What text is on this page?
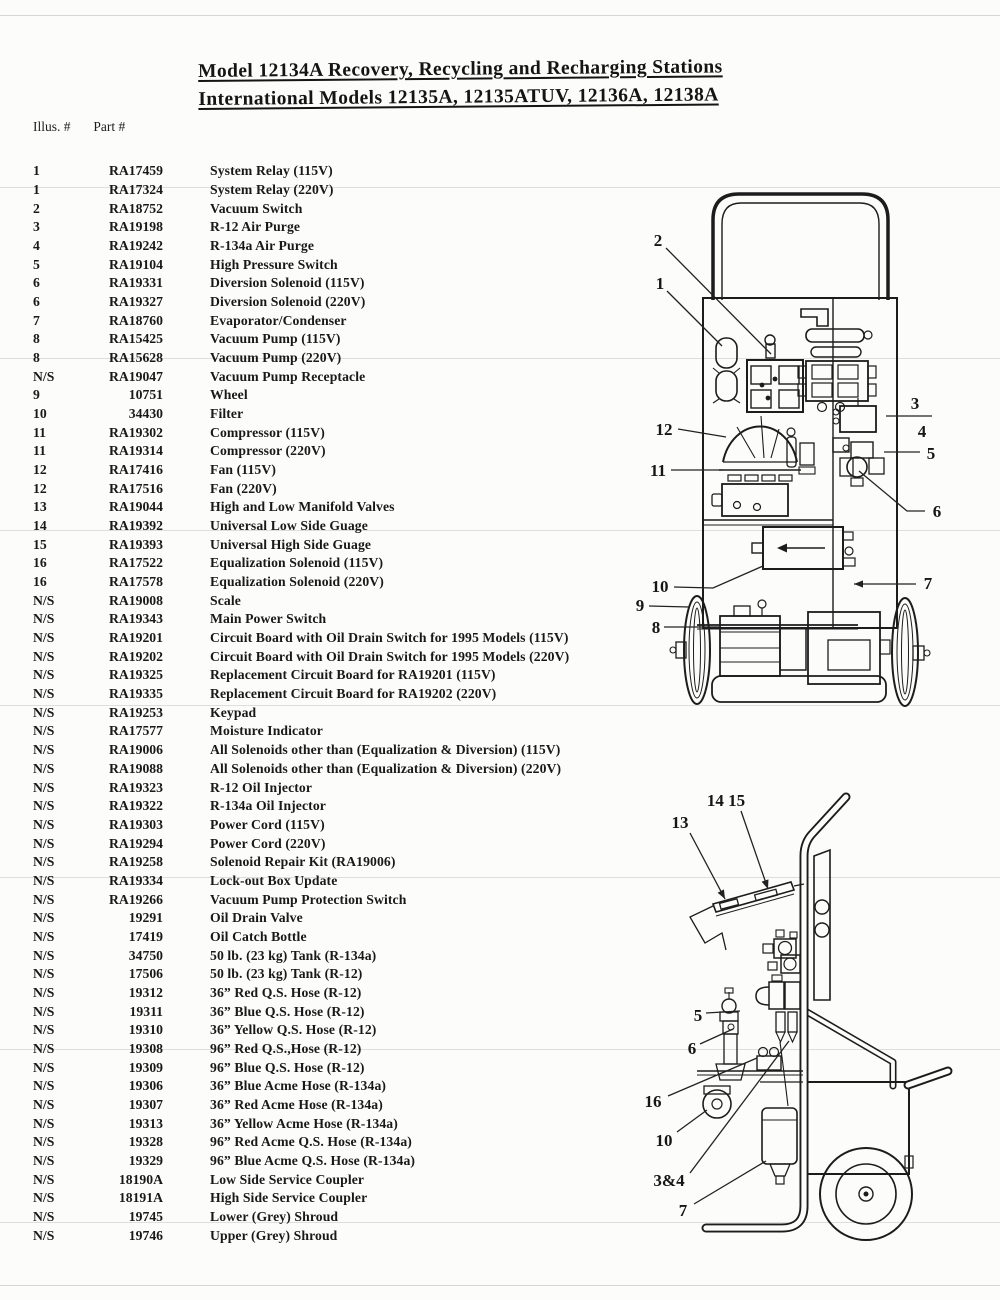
Model 12134A Recovery, Recycling and Recharging Stations
International Models 12135A, 12135ATUV, 12136A, 12138A
Illus. # Part #
1	RA17459	System Relay (115V)
1	RA17324	System Relay (220V)
2	RA18752	Vacuum Switch
3	RA19198	R-12 Air Purge
4	RA19242	R-134a Air Purge
5	RA19104	High Pressure Switch
6	RA19331	Diversion Solenoid (115V)
6	RA19327	Diversion Solenoid (220V)
7	RA18760	Evaporator/Condenser
8	RA15425	Vacuum Pump (115V)
8	RA15628	Vacuum Pump (220V)
N/S	RA19047	Vacuum Pump Receptacle
9	10751	Wheel
10	34430	Filter
11	RA19302	Compressor (115V)
11	RA19314	Compressor (220V)
12	RA17416	Fan (115V)
12	RA17516	Fan (220V)
13	RA19044	High and Low Manifold Valves
14	RA19392	Universal Low Side Guage
15	RA19393	Universal High Side Guage
16	RA17522	Equalization Solenoid (115V)
16	RA17578	Equalization Solenoid (220V)
N/S	RA19008	Scale
N/S	RA19343	Main Power Switch
N/S	RA19201	Circuit Board with Oil Drain Switch for 1995 Models (115V)
N/S	RA19202	Circuit Board with Oil Drain Switch for 1995 Models (220V)
N/S	RA19325	Replacement Circuit Board for RA19201 (115V)
N/S	RA19335	Replacement Circuit Board for RA19202 (220V)
N/S	RA19253	Keypad
N/S	RA17577	Moisture Indicator
N/S	RA19006	All Solenoids other than (Equalization & Diversion) (115V)
N/S	RA19088	All Solenoids other than (Equalization & Diversion) (220V)
N/S	RA19323	R-12 Oil Injector
N/S	RA19322	R-134a Oil Injector
N/S	RA19303	Power Cord (115V)
N/S	RA19294	Power Cord (220V)
N/S	RA19258	Solenoid Repair Kit (RA19006)
N/S	RA19334	Lock-out Box Update
N/S	RA19266	Vacuum Pump Protection Switch
N/S	19291	Oil Drain Valve
N/S	17419	Oil Catch Bottle
N/S	34750	50 lb. (23 kg) Tank (R-134a)
N/S	17506	50 lb. (23 kg) Tank (R-12)
N/S	19312	36” Red Q.S. Hose (R-12)
N/S	19311	36” Blue Q.S. Hose (R-12)
N/S	19310	36” Yellow Q.S. Hose (R-12)
N/S	19308	96” Red Q.S.,Hose (R-12)
N/S	19309	96” Blue Q.S. Hose (R-12)
N/S	19306	36” Blue Acme Hose (R-134a)
N/S	19307	36” Red Acme Hose (R-134a)
N/S	19313	36” Yellow Acme Hose (R-134a)
N/S	19328	96” Red Acme Q.S. Hose (R-134a)
N/S	19329	96” Blue Acme Q.S. Hose (R-134a)
N/S	18190A	Low Side Service Coupler
N/S	18191A	High Side Service Coupler
N/S	19745	Lower (Grey) Shroud
N/S	19746	Upper (Grey) Shroud
2
1
12
11
3
4
5
6
7
10
9
8
14 15
13
5
6
16
10
3&4
7
